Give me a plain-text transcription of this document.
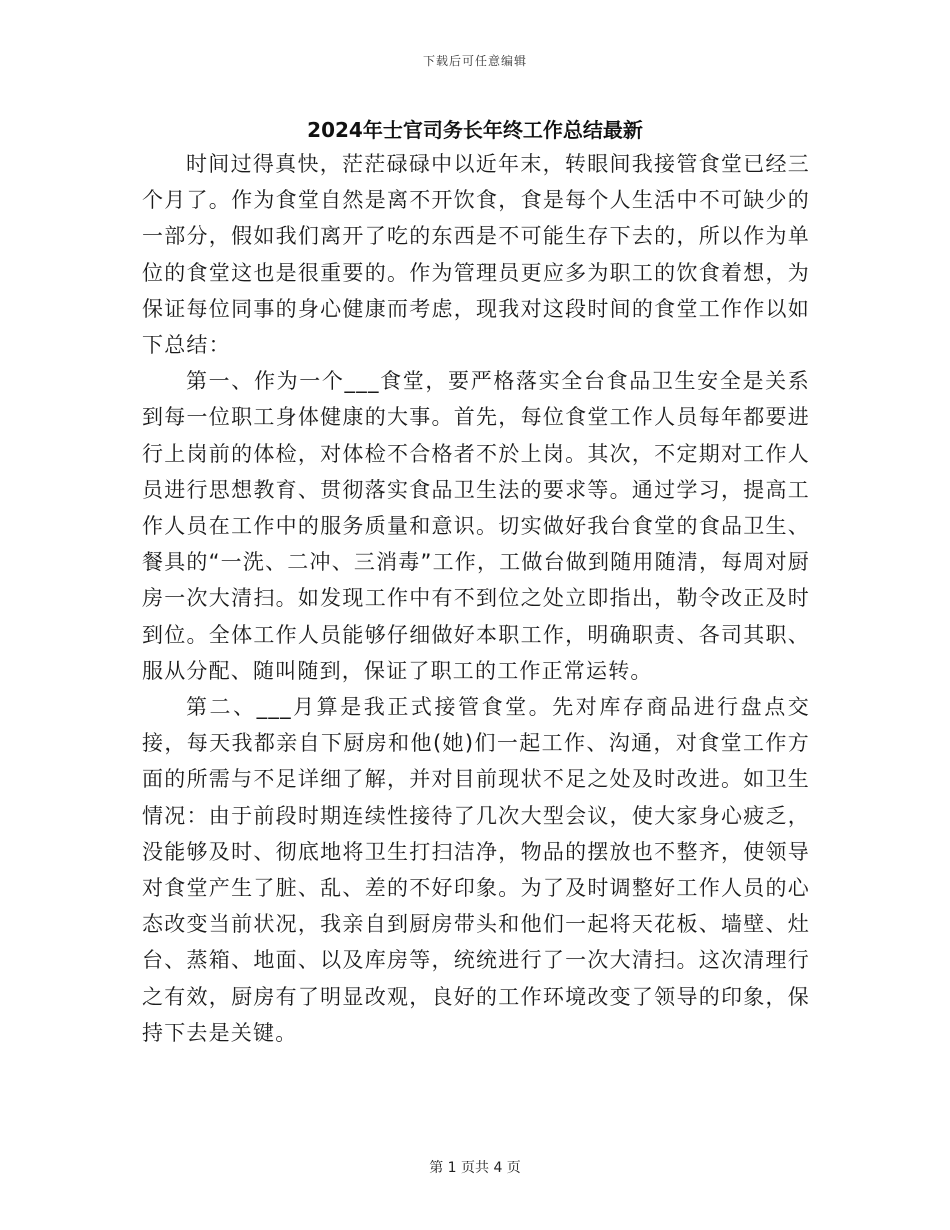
下载后可任意编辑
2024年士官司务长年终工作总结最新

时间过得真快，茫茫碌碌中以近年末，转眼间我接管食堂已经三个月了。作为食堂自然是离不开饮食，食是每个人生活中不可缺少的一部分，假如我们离开了吃的东西是不可能生存下去的，所以作为单位的食堂这也是很重要的。作为管理员更应多为职工的饮食着想，为保证每位同事的身心健康而考虑，现我对这段时间的食堂工作作以如下总结：

第一、作为一个___食堂，要严格落实全台食品卫生安全是关系到每一位职工身体健康的大事。首先，每位食堂工作人员每年都要进行上岗前的体检，对体检不合格者不於上岗。其次，不定期对工作人员进行思想教育、贯彻落实食品卫生法的要求等。通过学习，提高工作人员在工作中的服务质量和意识。切实做好我台食堂的食品卫生、餐具的“一洗、二冲、三消毒”工作，工做台做到随用随清，每周对厨房一次大清扫。如发现工作中有不到位之处立即指出，勒令改正及时到位。全体工作人员能够仔细做好本职工作，明确职责、各司其职、服从分配、随叫随到，保证了职工的工作正常运转。

第二、___月算是我正式接管食堂。先对库存商品进行盘点交接，每天我都亲自下厨房和他(她)们一起工作、沟通，对食堂工作方面的所需与不足详细了解，并对目前现状不足之处及时改进。如卫生情况：由于前段时期连续性接待了几次大型会议，使大家身心疲乏，没能够及时、彻底地将卫生打扫洁净，物品的摆放也不整齐，使领导对食堂产生了脏、乱、差的不好印象。为了及时调整好工作人员的心态改变当前状况，我亲自到厨房带头和他们一起将天花板、墙壁、灶台、蒸箱、地面、以及库房等，统统进行了一次大清扫。这次清理行之有效，厨房有了明显改观，良好的工作环境改变了领导的印象，保持下去是关键。

第 1 页共 4 页
